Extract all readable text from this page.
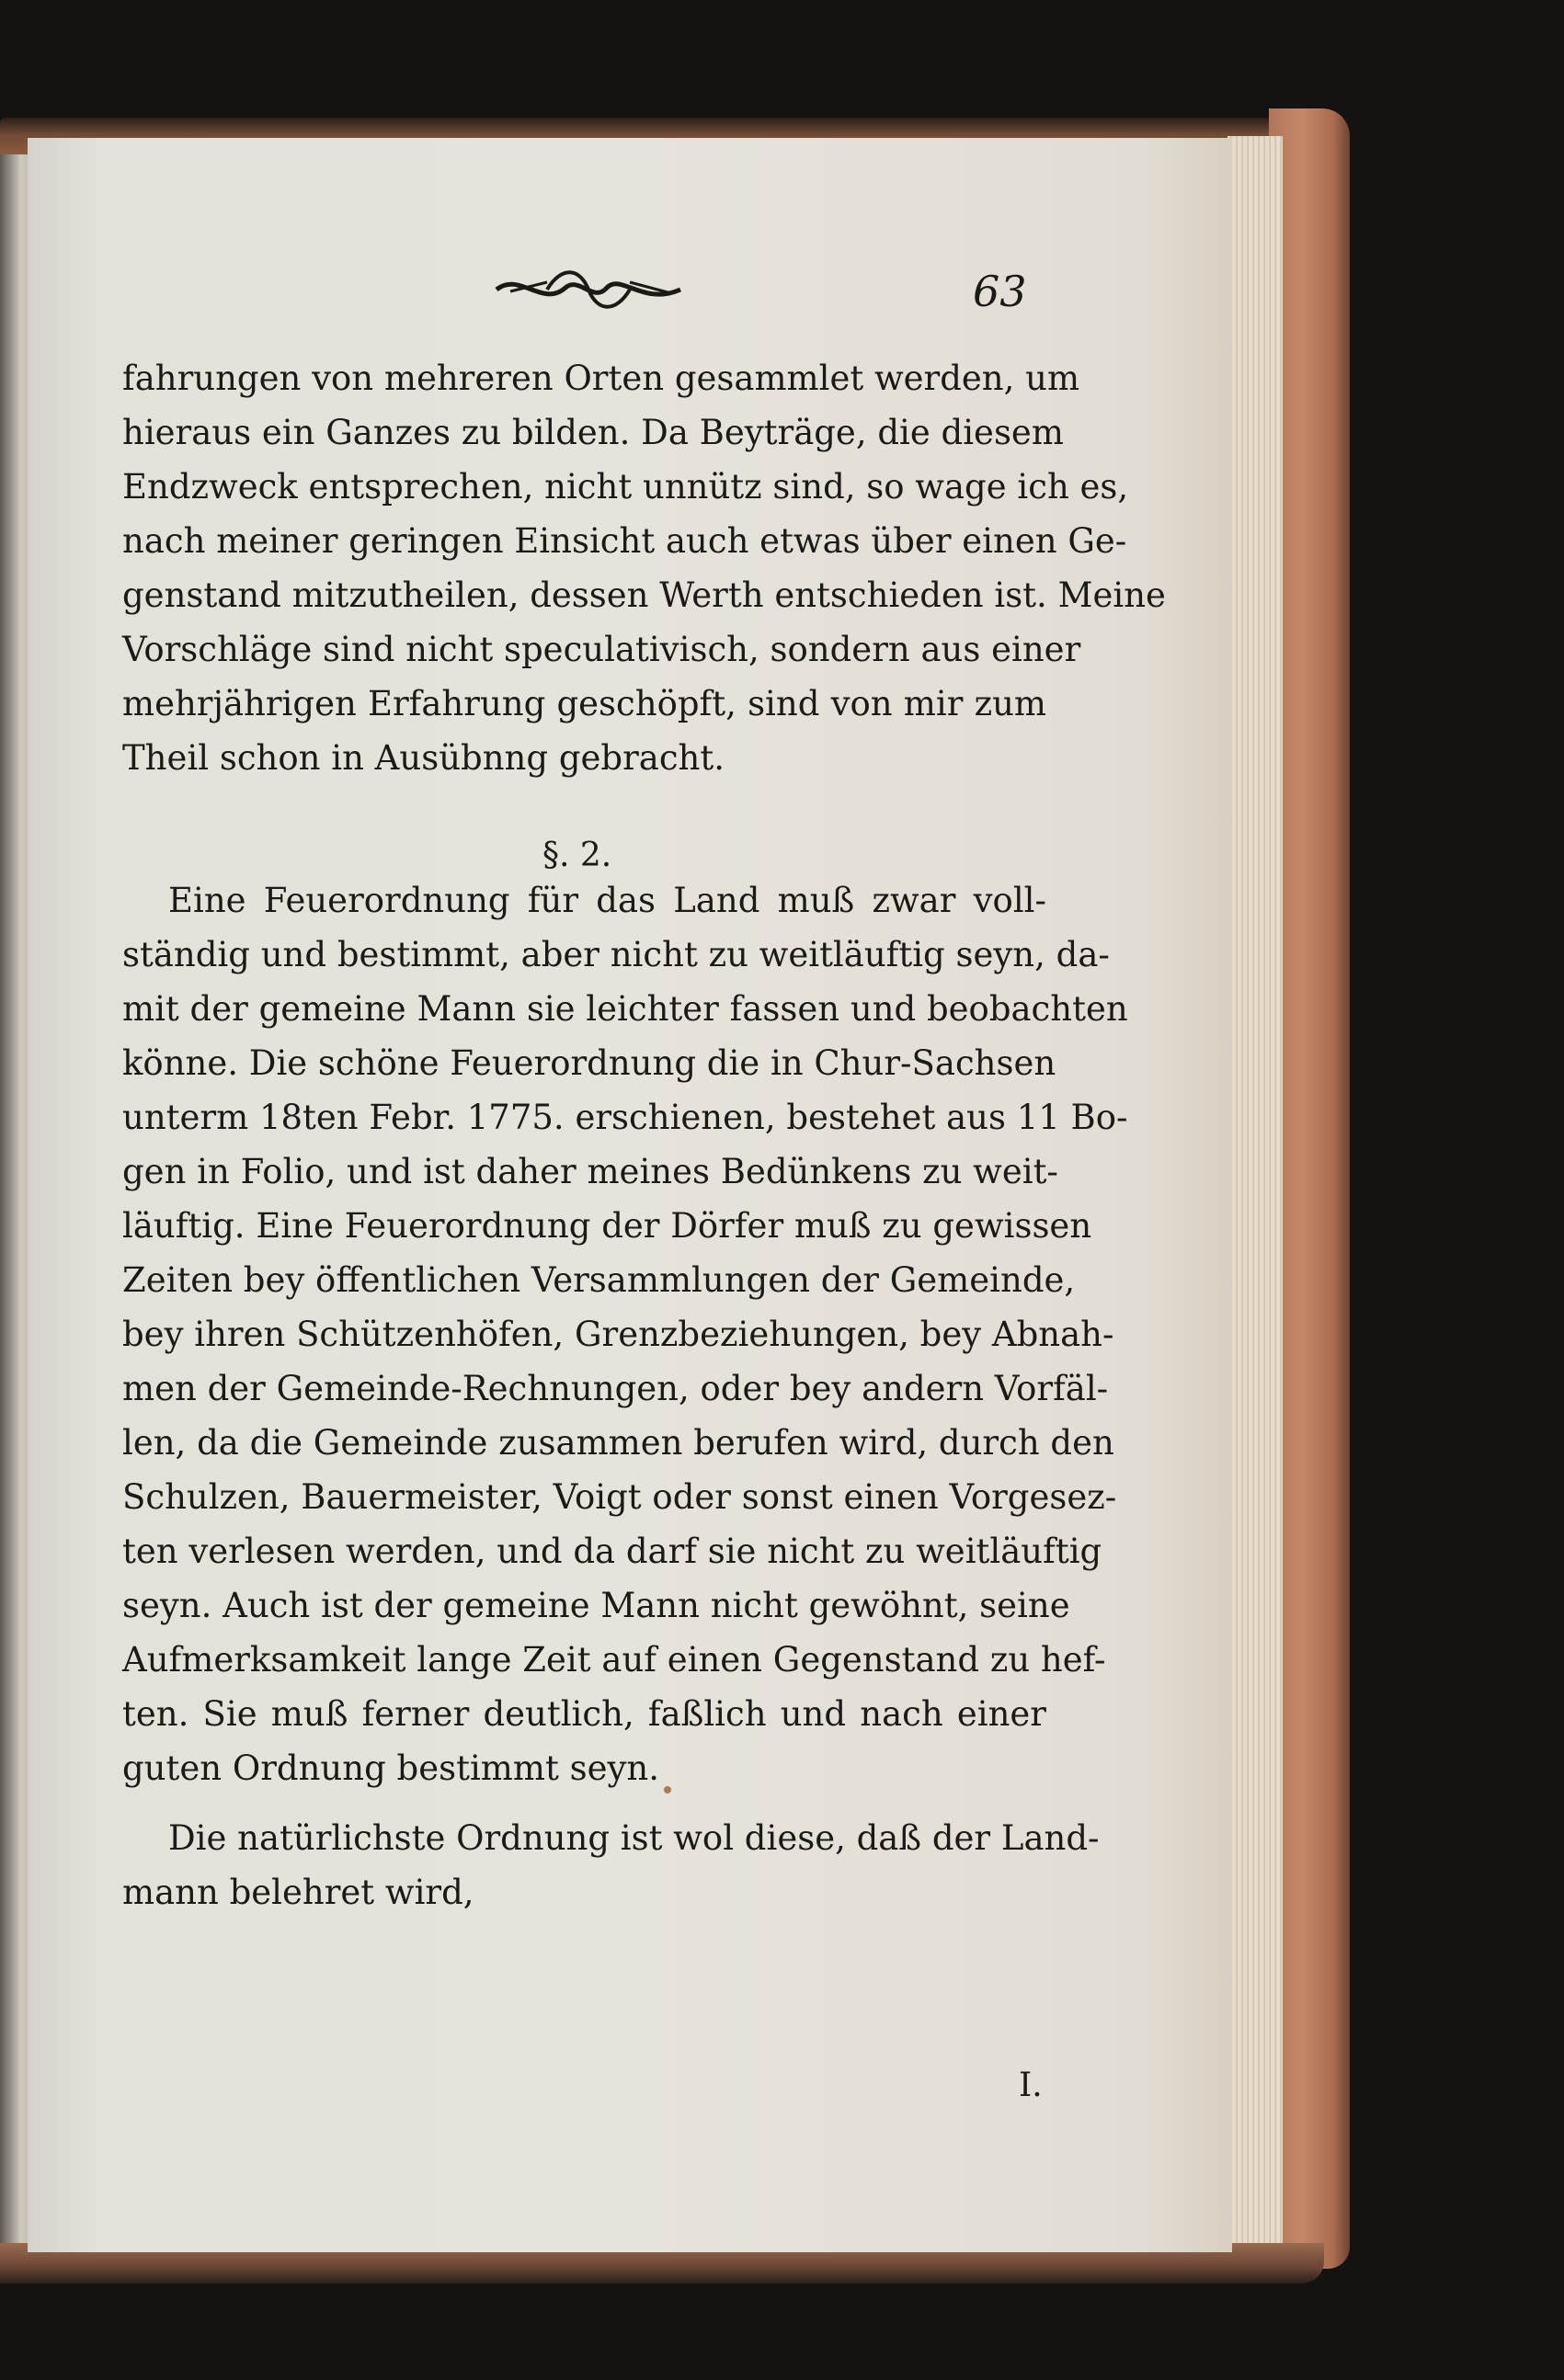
63
fahrungen von mehreren Orten gesammlet werden, um
hieraus ein Ganzes zu bilden. Da Beyträge, die diesem
Endzweck entsprechen, nicht unnütz sind, so wage ich es,
nach meiner geringen Einsicht auch etwas über einen Ge-
genstand mitzutheilen, dessen Werth entschieden ist. Meine
Vorschläge sind nicht speculativisch, sondern aus einer
mehrjährigen Erfahrung geschöpft, sind von mir zum
Theil schon in Ausübnng gebracht.
§. 2.
Eine Feuerordnung für das Land muß zwar voll-
ständig und bestimmt, aber nicht zu weitläuftig seyn, da-
mit der gemeine Mann sie leichter fassen und beobachten
könne. Die schöne Feuerordnung die in Chur-Sachsen
unterm 18ten Febr. 1775. erschienen, bestehet aus 11 Bo-
gen in Folio, und ist daher meines Bedünkens zu weit-
läuftig. Eine Feuerordnung der Dörfer muß zu gewissen
Zeiten bey öffentlichen Versammlungen der Gemeinde,
bey ihren Schützenhöfen, Grenzbeziehungen, bey Abnah-
men der Gemeinde-Rechnungen, oder bey andern Vorfäl-
len, da die Gemeinde zusammen berufen wird, durch den
Schulzen, Bauermeister, Voigt oder sonst einen Vorgesez-
ten verlesen werden, und da darf sie nicht zu weitläuftig
seyn. Auch ist der gemeine Mann nicht gewöhnt, seine
Aufmerksamkeit lange Zeit auf einen Gegenstand zu hef-
ten. Sie muß ferner deutlich, faßlich und nach einer
guten Ordnung bestimmt seyn.
Die natürlichste Ordnung ist wol diese, daß der Land-
mann belehret wird,
I.
